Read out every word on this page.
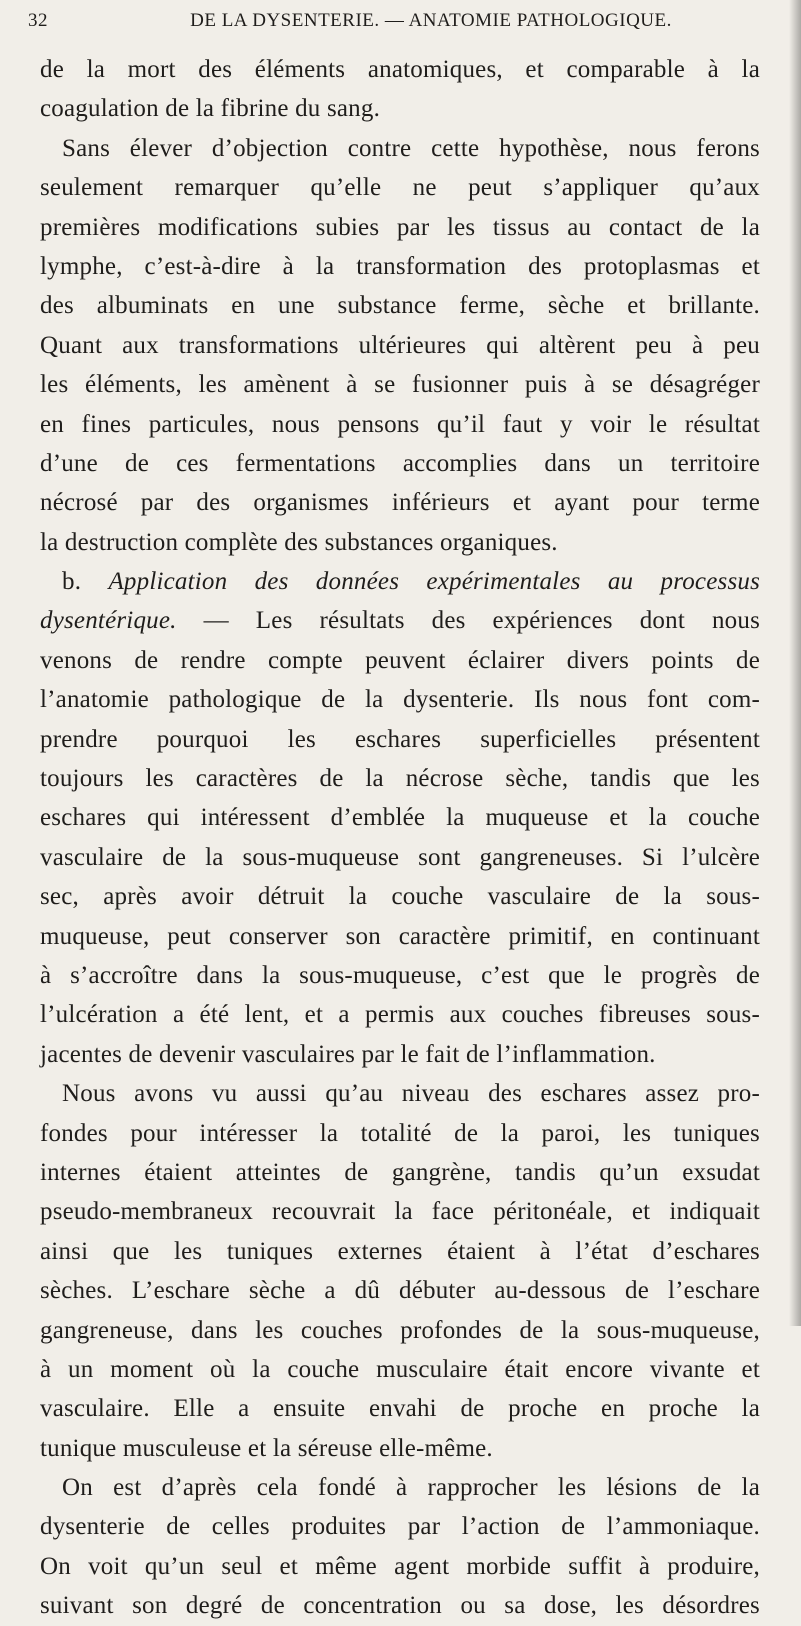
32	DE LA DYSENTERIE. — ANATOMIE PATHOLOGIQUE.
de la mort des éléments anatomiques, et comparable à la
coagulation de la fibrine du sang.
Sans élever d’objection contre cette hypothèse, nous ferons
seulement remarquer qu’elle ne peut s’appliquer qu’aux
premières modifications subies par les tissus au contact de la
lymphe, c’est-à-dire à la transformation des protoplasmas et
des albuminats en une substance ferme, sèche et brillante.
Quant aux transformations ultérieures qui altèrent peu à peu
les éléments, les amènent à se fusionner puis à se désagréger
en fines particules, nous pensons qu’il faut y voir le résultat
d’une de ces fermentations accomplies dans un territoire
nécrosé par des organismes inférieurs et ayant pour terme
la destruction complète des substances organiques.
b. Application des données expérimentales au processus
dysentérique. — Les résultats des expériences dont nous
venons de rendre compte peuvent éclairer divers points de
l’anatomie pathologique de la dysenterie. Ils nous font com-
prendre pourquoi les eschares superficielles présentent
toujours les caractères de la nécrose sèche, tandis que les
eschares qui intéressent d’emblée la muqueuse et la couche
vasculaire de la sous-muqueuse sont gangreneuses. Si l’ulcère
sec, après avoir détruit la couche vasculaire de la sous-
muqueuse, peut conserver son caractère primitif, en continuant
à s’accroître dans la sous-muqueuse, c’est que le progrès de
l’ulcération a été lent, et a permis aux couches fibreuses sous-
jacentes de devenir vasculaires par le fait de l’inflammation.
Nous avons vu aussi qu’au niveau des eschares assez pro-
fondes pour intéresser la totalité de la paroi, les tuniques
internes étaient atteintes de gangrène, tandis qu’un exsudat
pseudo-membraneux recouvrait la face péritonéale, et indiquait
ainsi que les tuniques externes étaient à l’état d’eschares
sèches. L’eschare sèche a dû débuter au-dessous de l’eschare
gangreneuse, dans les couches profondes de la sous-muqueuse,
à un moment où la couche musculaire était encore vivante et
vasculaire. Elle a ensuite envahi de proche en proche la
tunique musculeuse et la séreuse elle-même.
On est d’après cela fondé à rapprocher les lésions de la
dysenterie de celles produites par l’action de l’ammoniaque.
On voit qu’un seul et même agent morbide suffit à produire,
suivant son degré de concentration ou sa dose, les désordres
